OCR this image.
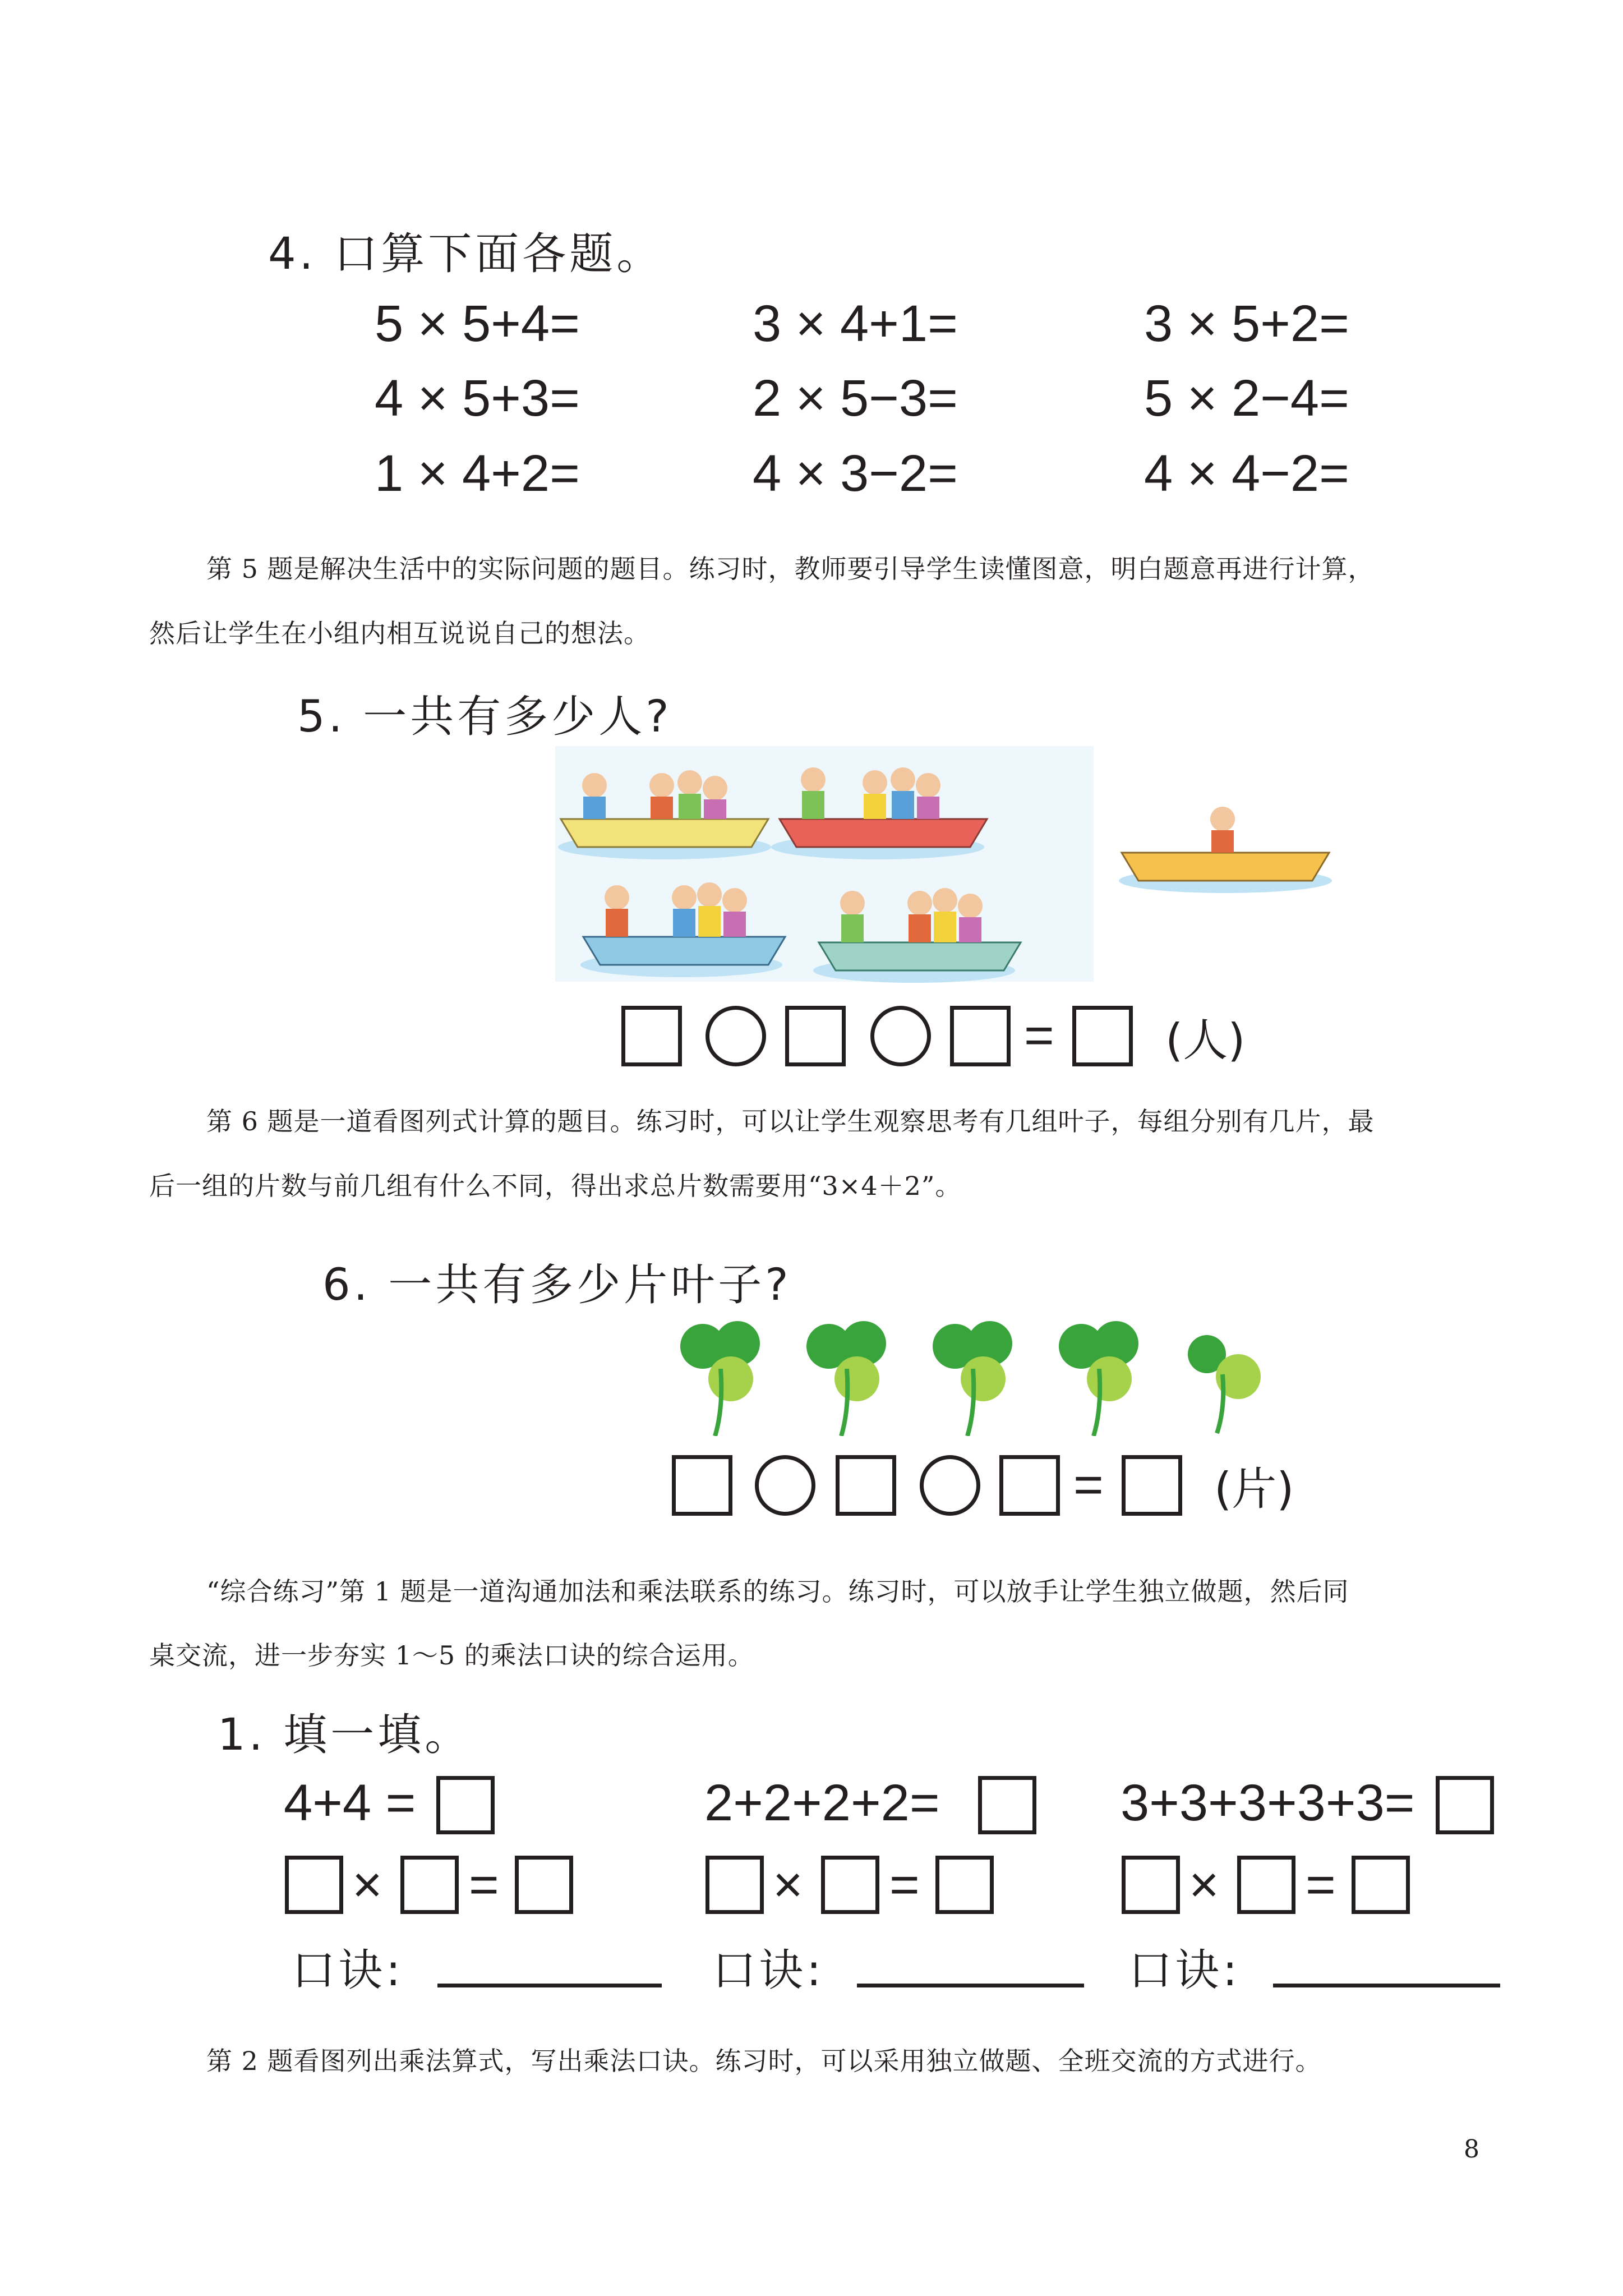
4. 口算下面各题。
5 × 5+4=	3 × 4+1=	3 × 5+2=
4 × 5+3=	2 × 5−3=	5 × 2−4=
1 × 4+2=	4 × 3−2=	4 × 4−2=
第 5 题是解决生活中的实际问题的题目。练习时，教师要引导学生读懂图意，明白题意再进行计算，
然后让学生在小组内相互说说自己的想法。
5. 一共有多少人?
= (人)
第 6 题是一道看图列式计算的题目。练习时，可以让学生观察思考有几组叶子，每组分别有几片，最
后一组的片数与前几组有什么不同，得出求总片数需要用“3×4＋2”。
6. 一共有多少片叶子?
= (片)
“综合练习”第 1 题是一道沟通加法和乘法联系的练习。练习时，可以放手让学生独立做题，然后同
桌交流，进一步夯实 1～5 的乘法口诀的综合运用。
1. 填一填。
4+4 =	2+2+2+2=	3+3+3+3+3=
× =	× =	× =
口诀:	口诀:	口诀:
第 2 题看图列出乘法算式，写出乘法口诀。练习时，可以采用独立做题、全班交流的方式进行。
8
